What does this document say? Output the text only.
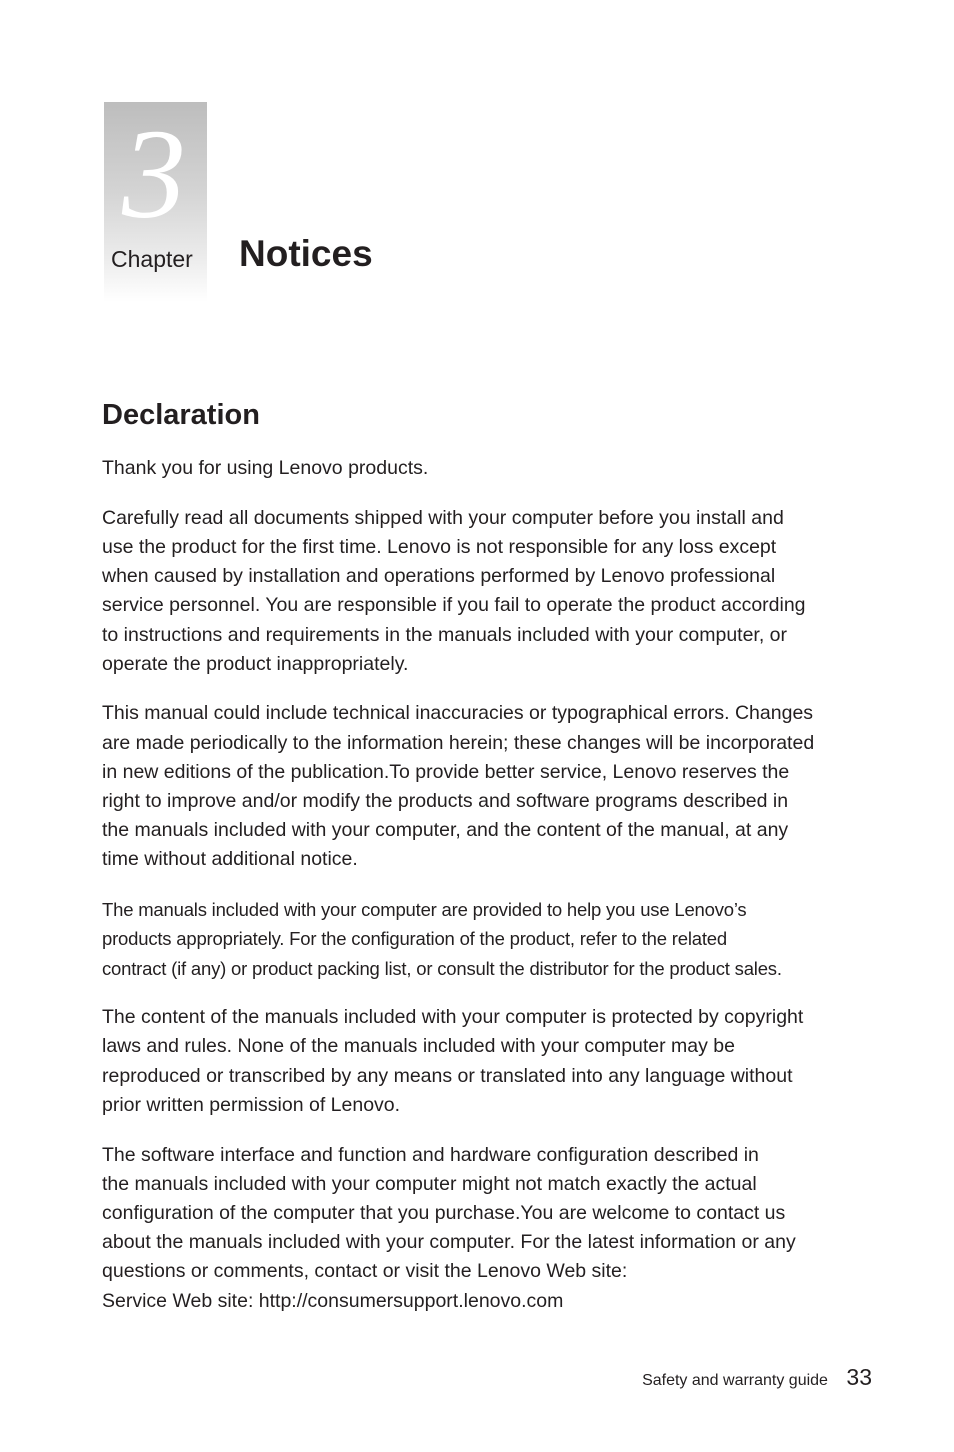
3
Chapter Notices
Declaration

Thank you for using Lenovo products.

Carefully read all documents shipped with your computer before you install and
use the product for the first time. Lenovo is not responsible for any loss except
when caused by installation and operations performed by Lenovo professional
service personnel. You are responsible if you fail to operate the product according
to instructions and requirements in the manuals included with your computer, or
operate the product inappropriately.

This manual could include technical inaccuracies or typographical errors. Changes
are made periodically to the information herein; these changes will be incorporated
in new editions of the publication.To provide better service, Lenovo reserves the
right to improve and/or modify the products and software programs described in
the manuals included with your computer, and the content of the manual, at any
time without additional notice.

The manuals included with your computer are provided to help you use Lenovo’s
products appropriately. For the configuration of the product, refer to the related
contract (if any) or product packing list, or consult the distributor for the product sales.

The content of the manuals included with your computer is protected by copyright
laws and rules. None of the manuals included with your computer may be
reproduced or transcribed by any means or translated into any language without
prior written permission of Lenovo.

The software interface and function and hardware configuration described in
the manuals included with your computer might not match exactly the actual
configuration of the computer that you purchase.You are welcome to contact us
about the manuals included with your computer. For the latest information or any
questions or comments, contact or visit the Lenovo Web site:
Service Web site: http://consumersupport.lenovo.com

Safety and warranty guide 33
